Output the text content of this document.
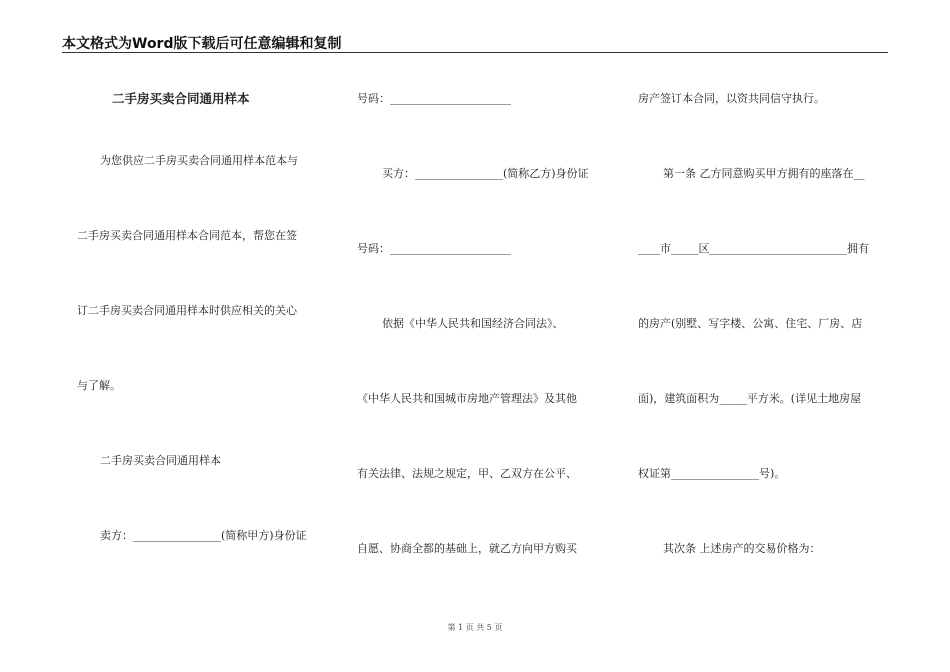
本文格式为Word版下载后可任意编辑和复制
二手房买卖合同通用样本
为您供应二手房买卖合同通用样本范本与
二手房买卖合同通用样本合同范本，帮您在签
订二手房买卖合同通用样本时供应相关的关心
与了解。
二手房买卖合同通用样本
卖方：________________(简称甲方)身份证
号码：______________________
买方：________________(简称乙方)身份证
号码：______________________
依据《中华人民共和国经济合同法》、
《中华人民共和国城市房地产管理法》及其他
有关法律、法规之规定，甲、乙双方在公平、
自愿、协商全都的基础上，就乙方向甲方购买
房产签订本合同，以资共同信守执行。
第一条 乙方同意购买甲方拥有的座落在__
____市_____区_________________________拥有
的房产(别墅、写字楼、公寓、住宅、厂房、店
面)，建筑面积为_____平方米。(详见土地房屋
权证第________________号)。
其次条 上述房产的交易价格为：
第 1 页 共 5 页
